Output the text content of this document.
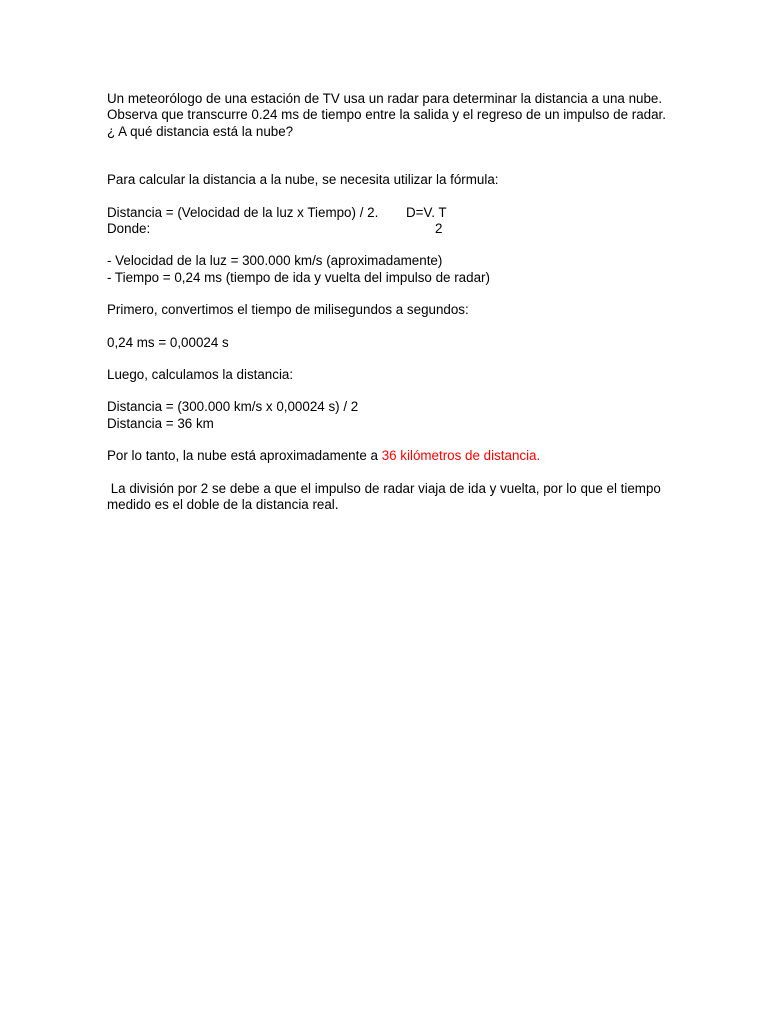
Un meteorólogo de una estación de TV usa un radar para determinar la distancia a una nube. Observa que transcurre 0.24 ms de tiempo entre la salida y el regreso de un impulso de radar. ¿ A qué distancia está la nube?

Para calcular la distancia a la nube, se necesita utilizar la fórmula:

Distancia = (Velocidad de la luz x Tiempo) / 2.	D=V. T
2
Donde:
- Velocidad de la luz = 300.000 km/s (aproximadamente)
- Tiempo = 0,24 ms (tiempo de ida y vuelta del impulso de radar)
Primero, convertimos el tiempo de milisegundos a segundos:
0,24 ms = 0,00024 s
Luego, calculamos la distancia:
Distancia = (300.000 km/s x 0,00024 s) / 2
Distancia = 36 km

Por lo tanto, la nube está aproximadamente a 36 kilómetros de distancia.

La división por 2 se debe a que el impulso de radar viaja de ida y vuelta, por lo que el tiempo medido es el doble de la distancia real.
